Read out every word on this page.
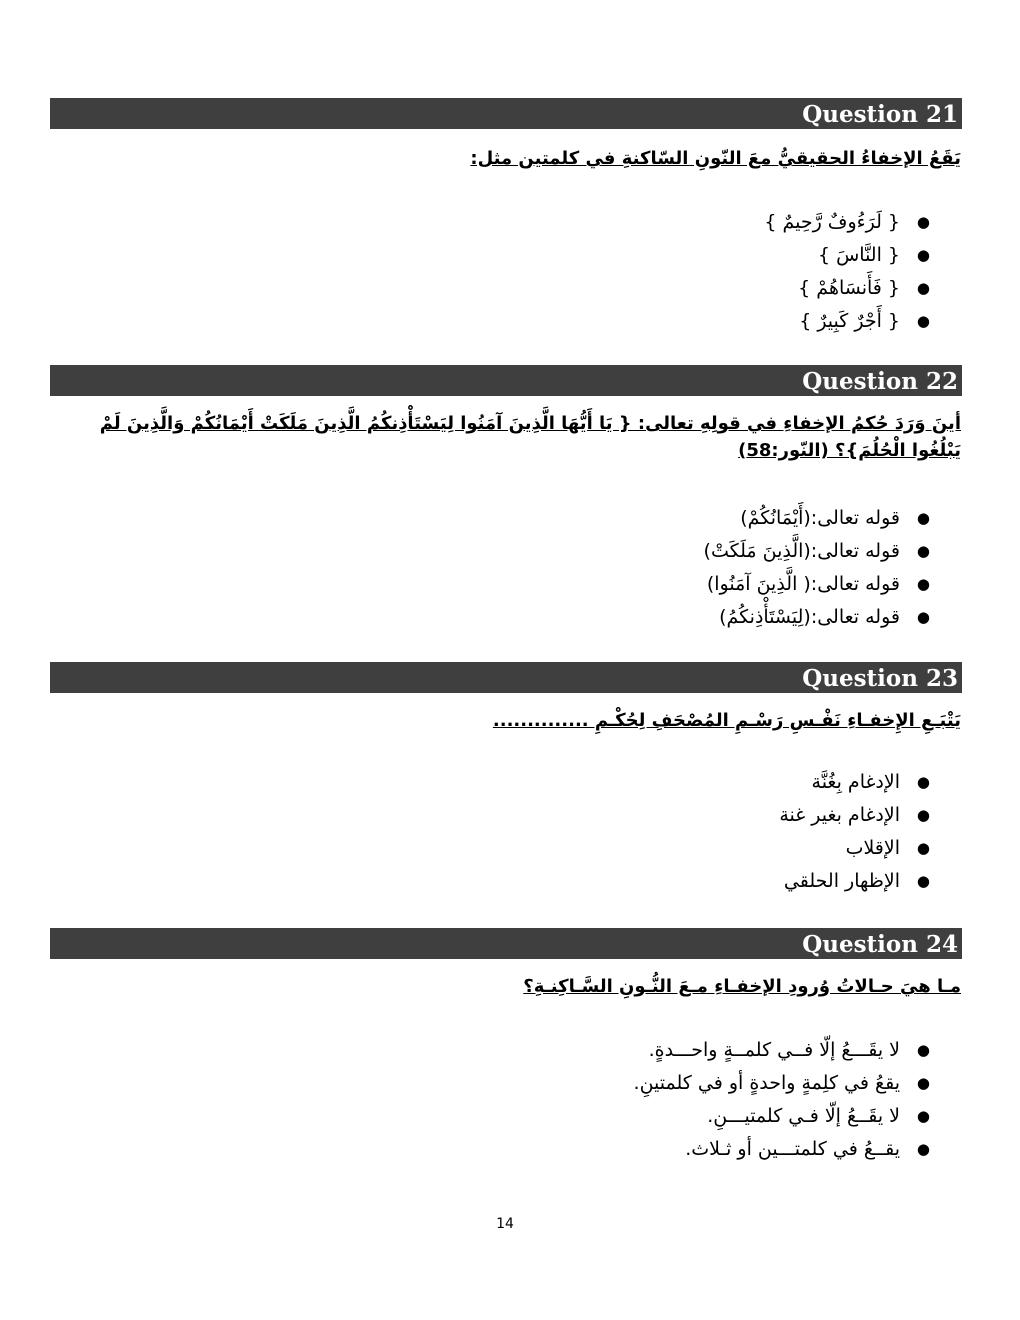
Question 21
يَقَعُ الإخفاءُ الحقيقيُّ معَ النّونِ السّاكنةِ في كلمتين مثل:
●
{ لَرَءُوفٌ رَّحِيمٌ }
●
{ النَّاسَ }
●
{ فَأَنسَاهُمْ }
●
{ أَجْرٌ كَبِيرٌ }
Question 22
أينَ وَرَدَ حُكمُ الإخفاءِ في قولِهِ تعالى: { يَا أَيُّهَا الَّذِينَ آمَنُوا لِيَسْتَأْذِنكُمُ الَّذِينَ مَلَكَتْ أَيْمَانُكُمْ وَالَّذِينَ لَمْ يَبْلُغُوا الْحُلُمَ}؟ (النّور:58)
●
قوله تعالى:(أَيْمَانُكُمْ)
●
قوله تعالى:(الَّذِينَ مَلَكَتْ)
●
قوله تعالى:( الَّذِينَ آمَنُوا)
●
قوله تعالى:(لِيَسْتَأْذِنكُمُ)
Question 23
يَتْبَـعِ الإِخفـاءِ نَفْـسِ رَسْـمِ المُصْحَفِ لِحُكْـمِ ..............
●
الإدغام بِغُنَّة
●
الإدغام بغير غنة
●
الإقلاب
●
الإظهار الحلقي
Question 24
مـا هيَ حـالاتُ وُرودِ الإخفـاءِ مـعَ النُّـونِ السَّـاكِنـةِ؟
●
لا يقَـــعُ إلّا فــي كلمــةٍ واحـــدةٍ.
●
يقعُ في كلِمةٍ واحدةٍ أو في كلمتينِ.
●
لا يقَــعُ إلّا فـي كلمتيـــنِ.
●
يقــعُ في كلمتـــين أو ثـلاث.
14
